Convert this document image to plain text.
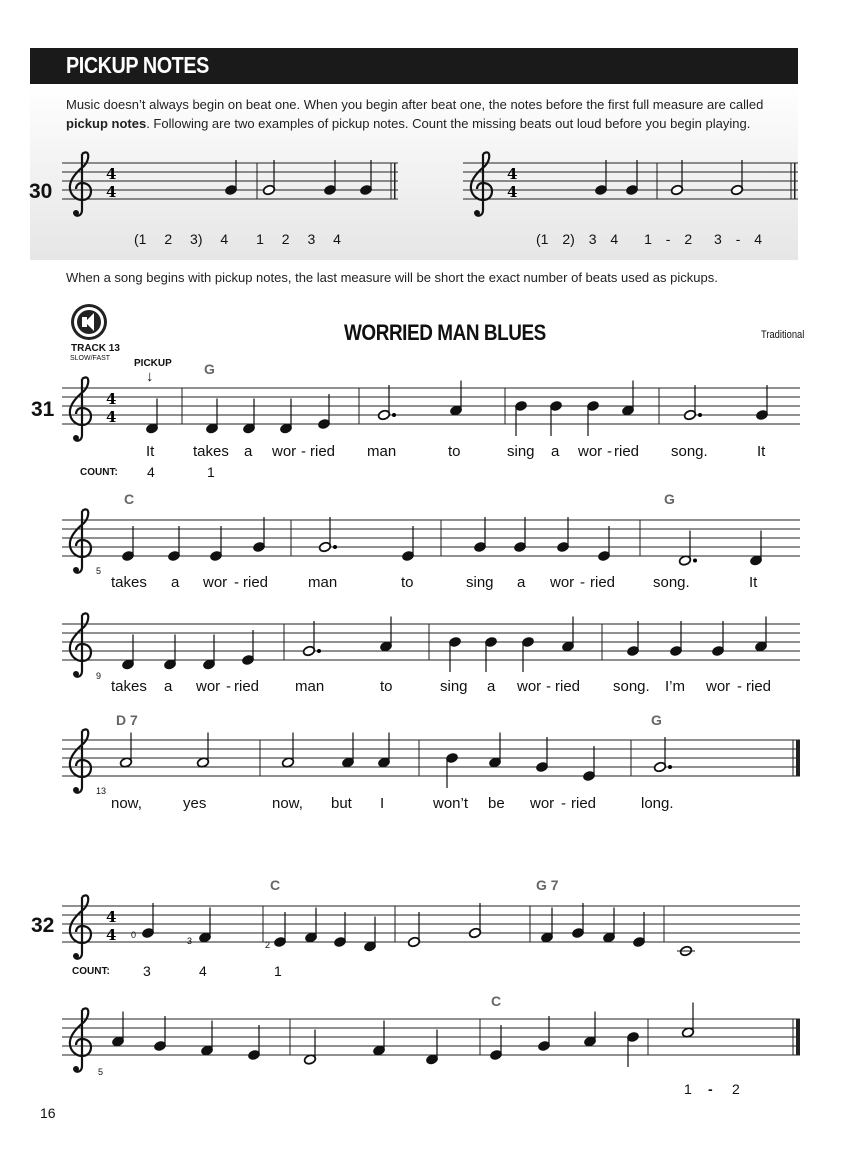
PICKUP NOTES
Music doesn’t always begin on beat one. When you begin after beat one, the notes before the first full measure are called
pickup notes. Following are two examples of pickup notes. Count the missing beats out loud before you begin playing.
30
4
4
4
4
4
4
4
4
(1 2 3) 4 1 2 3 4	(1 2) 3 4 1 - 2 3 - 4
When a song begins with pickup notes, the last measure will be short the exact number of beats used as pickups.
TRACK 13
SLOW/FAST
WORRIED MAN BLUES	Traditional
31
PICKUP
↓	G
It	takes a wor - ried man	to	sing a wor - ried song.	It
COUNT: 4	1
C	G
5
takes a wor - ried	man	to	sing a wor - ried	song.	It
9
takes a wor - ried man	to	sing a wor - ried song. I’m wor - ried
D 7	G
13
now,	yes	now, but I	won’t be wor - ried	long.
32
C	G 7
C
0
3	2
COUNT: 3	4	1
5
1 - 2
16
